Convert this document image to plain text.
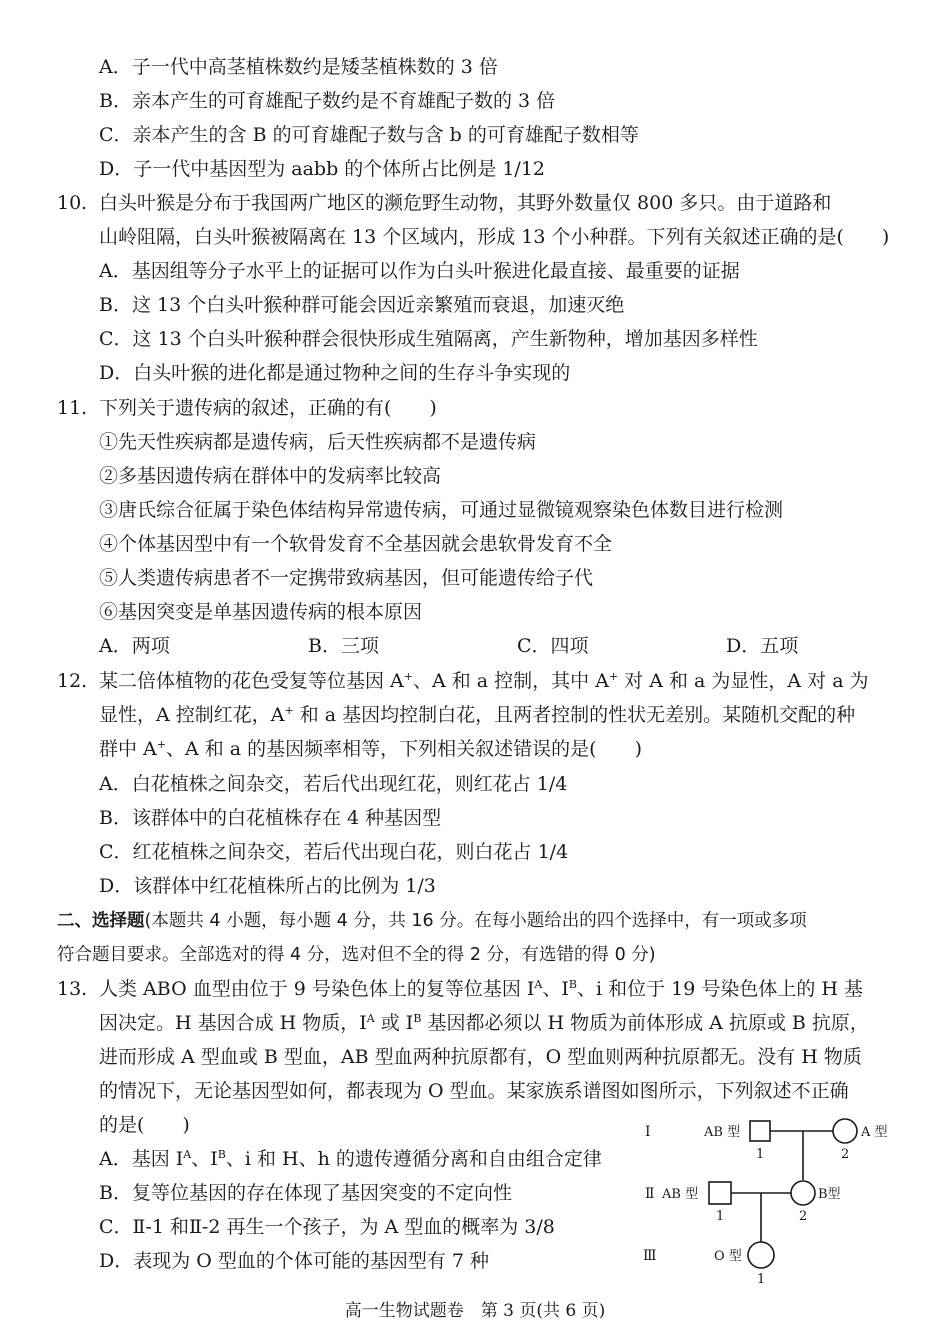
A．子一代中高茎植株数约是矮茎植株数的 3 倍
B．亲本产生的可育雄配子数约是不育雄配子数的 3 倍
C．亲本产生的含 B 的可育雄配子数与含 b 的可育雄配子数相等
D．子一代中基因型为 aabb 的个体所占比例是 1/12
10. 白头叶猴是分布于我国两广地区的濒危野生动物，其野外数量仅 800 多只。由于道路和
山岭阻隔，白头叶猴被隔离在 13 个区域内，形成 13 个小种群。下列有关叙述正确的是(　　)
A．基因组等分子水平上的证据可以作为白头叶猴进化最直接、最重要的证据
B．这 13 个白头叶猴种群可能会因近亲繁殖而衰退，加速灭绝
C．这 13 个白头叶猴种群会很快形成生殖隔离，产生新物种，增加基因多样性
D．白头叶猴的进化都是通过物种之间的生存斗争实现的
11. 下列关于遗传病的叙述，正确的有(　　)
①先天性疾病都是遗传病，后天性疾病都不是遗传病
②多基因遗传病在群体中的发病率比较高
③唐氏综合征属于染色体结构异常遗传病，可通过显微镜观察染色体数目进行检测
④个体基因型中有一个软骨发育不全基因就会患软骨发育不全
⑤人类遗传病患者不一定携带致病基因，但可能遗传给子代
⑥基因突变是单基因遗传病的根本原因
A．两项	B．三项	C．四项	D．五项
12. 某二倍体植物的花色受复等位基因 A+、A 和 a 控制，其中 A+ 对 A 和 a 为显性，A 对 a 为
显性，A 控制红花，A+ 和 a 基因均控制白花，且两者控制的性状无差别。某随机交配的种
群中 A+、A 和 a 的基因频率相等，下列相关叙述错误的是(　　)
A．白花植株之间杂交，若后代出现红花，则红花占 1/4
B．该群体中的白花植株存在 4 种基因型
C．红花植株之间杂交，若后代出现白花，则白花占 1/4
D．该群体中红花植株所占的比例为 1/3
二、选择题(本题共 4 小题，每小题 4 分，共 16 分。在每小题给出的四个选择中，有一项或多项
符合题目要求。全部选对的得 4 分，选对但不全的得 2 分，有选错的得 0 分)
13. 人类 ABO 血型由位于 9 号染色体上的复等位基因 $I^A$、$I^B$、i 和位于 19 号染色体上的 H 基
因决定。H 基因合成 H 物质，$I^A$ 或 $I^B$ 基因都必须以 H 物质为前体形成 A 抗原或 B 抗原，
进而形成 A 型血或 B 型血，AB 型血两种抗原都有，O 型血则两种抗原都无。没有 H 物质
的情况下，无论基因型如何，都表现为 O 型血。某家族系谱图如图所示，下列叙述不正确
的是(　　)
A．基因 $I^A$、$I^B$、i 和 H、h 的遗传遵循分离和自由组合定律
B．复等位基因的存在体现了基因突变的不定向性
C．Ⅱ-1 和Ⅱ-2 再生一个孩子，为 A 型血的概率为 3/8
D．表现为 O 型血的个体可能的基因型有 7 种
Ⅰ
Ⅱ
Ⅲ
AB 型	A 型
AB 型	B型
O 型
1	2
1	2
1
高一生物试题卷　第 3 页(共 6 页)
